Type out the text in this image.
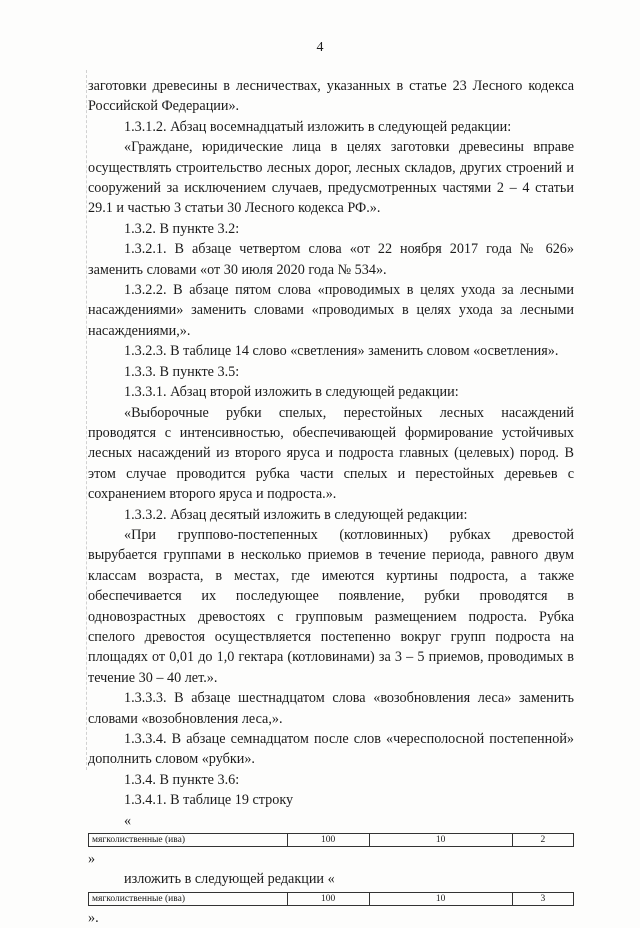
4

заготовки древесины в лесничествах, указанных в статье 23 Лесного кодекса Российской Федерации».

1.3.1.2. Абзац восемнадцатый изложить в следующей редакции:

«Граждане, юридические лица в целях заготовки древесины вправе осуществлять строительство лесных дорог, лесных складов, других строений и сооружений за исключением случаев, предусмотренных частями 2 – 4 статьи 29.1 и частью 3 статьи 30 Лесного кодекса РФ.».

1.3.2. В пункте 3.2:

1.3.2.1. В абзаце четвертом слова «от 22 ноября 2017 года № 626» заменить словами «от 30 июля 2020 года № 534».

1.3.2.2. В абзаце пятом слова «проводимых в целях ухода за лесными насаждениями» заменить словами «проводимых в целях ухода за лесными насаждениями,».

1.3.2.3. В таблице 14 слово «светления» заменить словом «осветления».

1.3.3. В пункте 3.5:

1.3.3.1. Абзац второй изложить в следующей редакции:

«Выборочные рубки спелых, перестойных лесных насаждений проводятся с интенсивностью, обеспечивающей формирование устойчивых лесных насаждений из второго яруса и подроста главных (целевых) пород. В этом случае проводится рубка части спелых и перестойных деревьев с сохранением второго яруса и подроста.».

1.3.3.2. Абзац десятый изложить в следующей редакции:

«При группово-постепенных (котловинных) рубках древостой вырубается группами в несколько приемов в течение периода, равного двум классам возраста, в местах, где имеются куртины подроста, а также обеспечивается их последующее появление, рубки проводятся в одновозрастных древостоях с групповым размещением подроста. Рубка спелого древостоя осуществляется постепенно вокруг групп подроста на площадях от 0,01 до 1,0 гектара (котловинами) за 3 – 5 приемов, проводимых в течение 30 – 40 лет.».

1.3.3.3. В абзаце шестнадцатом слова «возобновления леса» заменить словами «возобновления леса,».

1.3.3.4. В абзаце семнадцатом после слов «чересполосной постепенной» дополнить словом «рубки».

1.3.4. В пункте 3.6:

1.3.4.1. В таблице 19 строку

«

мягколиственные (ива)	100	10	2

»

изложить в следующей редакции «

мягколиственные (ива)	100	10	3

».
